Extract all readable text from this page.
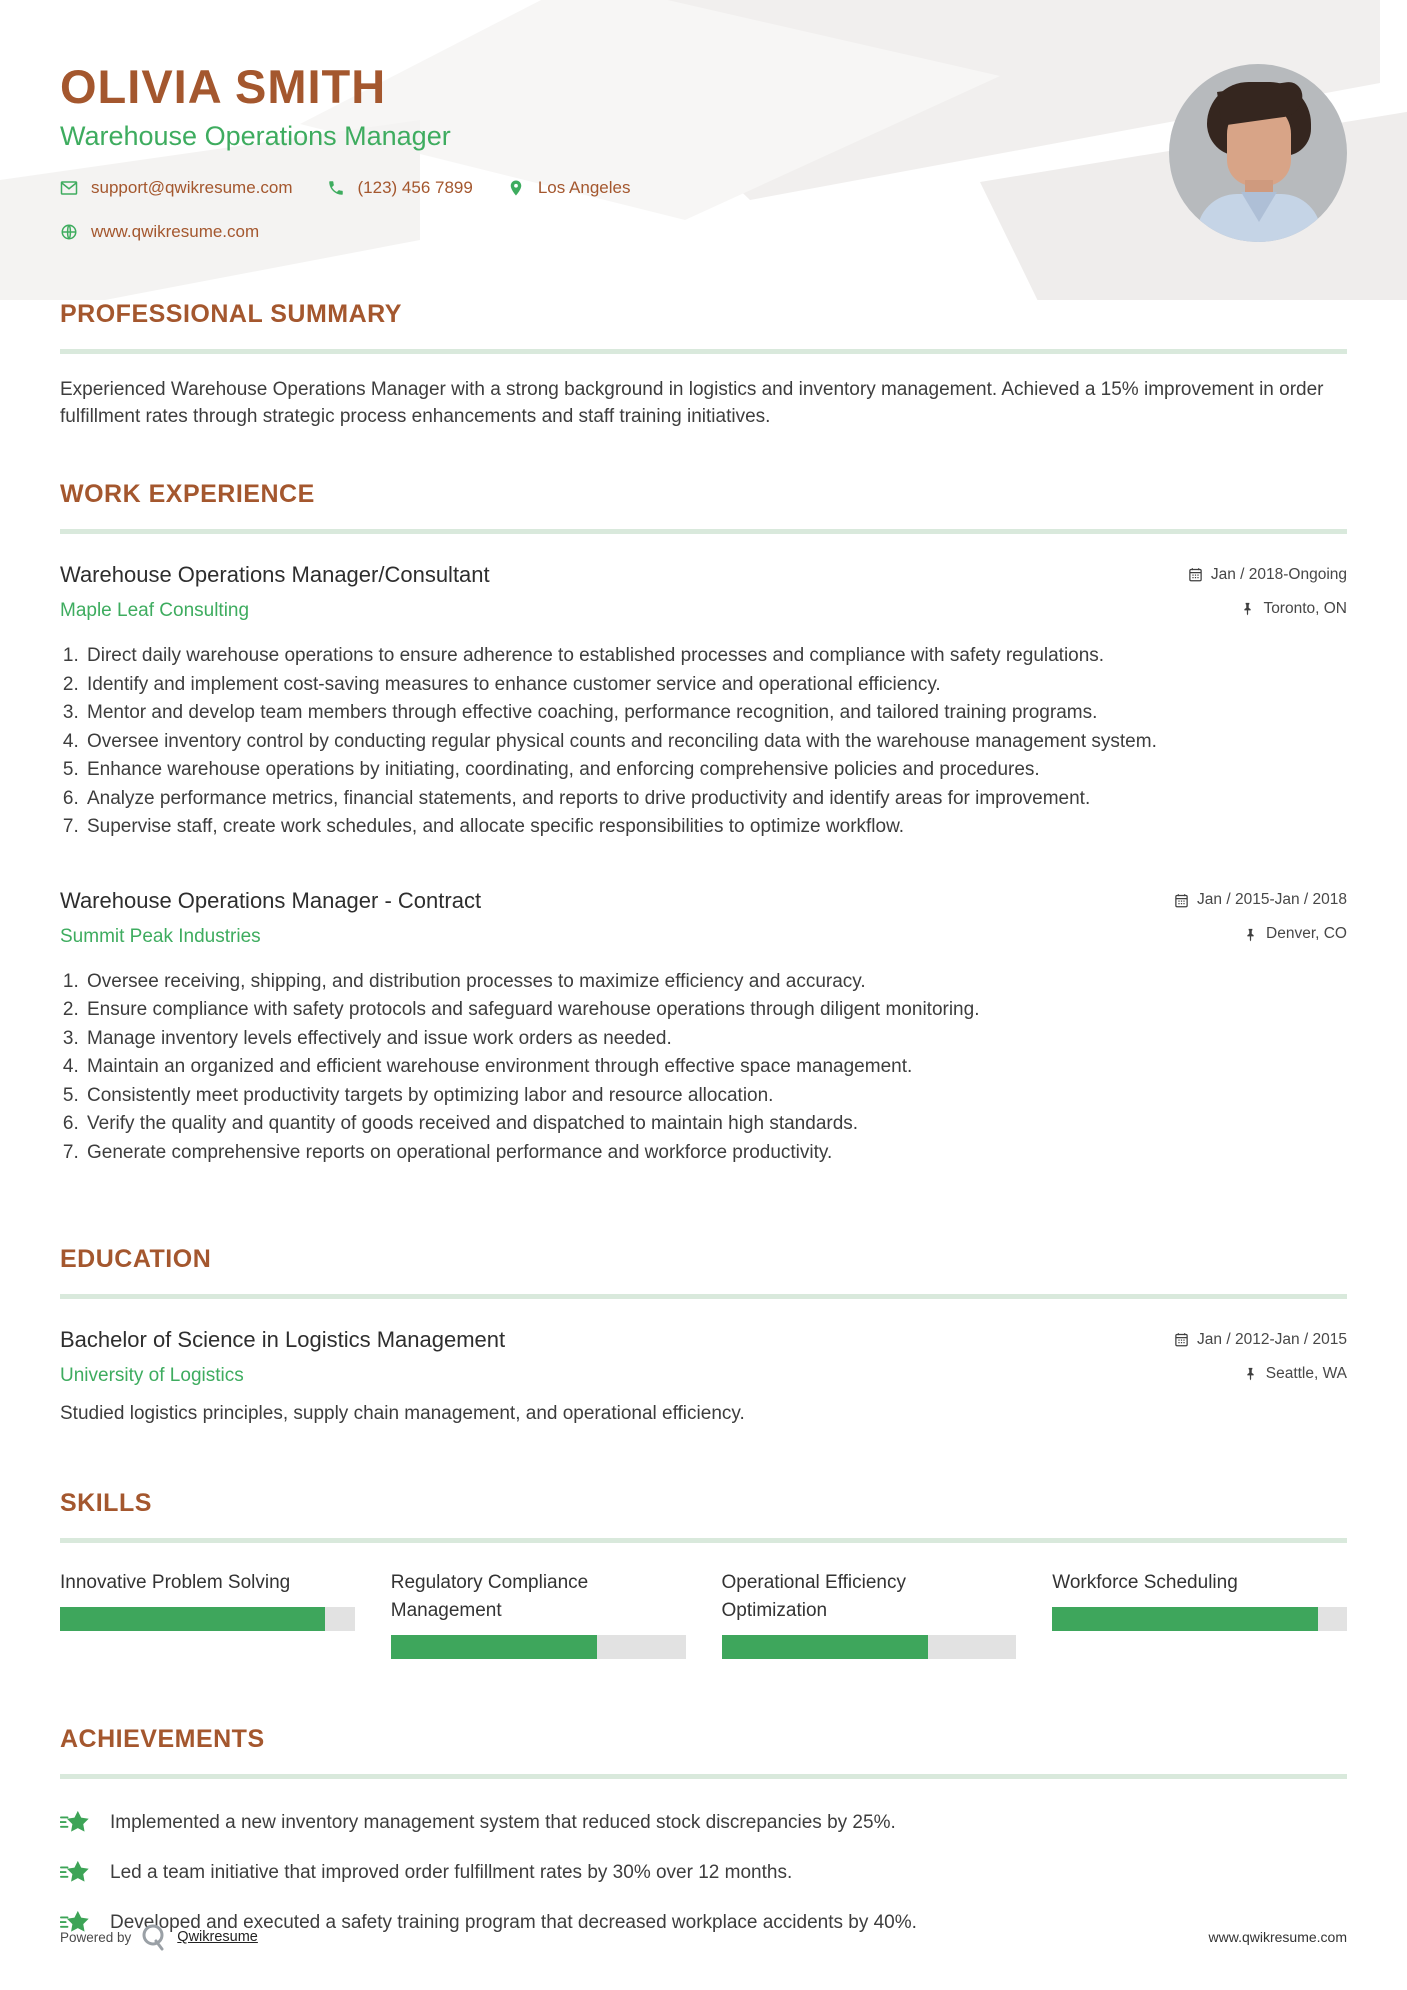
OLIVIA SMITH
Warehouse Operations Manager
support@qwikresume.com	(123) 456 7899	Los Angeles
www.qwikresume.com
PROFESSIONAL SUMMARY

Experienced Warehouse Operations Manager with a strong background in logistics and inventory management. Achieved a 15% improvement in order fulfillment rates through strategic process enhancements and staff training initiatives.

WORK EXPERIENCE
Warehouse Operations Manager/Consultant	Jan / 2018-Ongoing
Maple Leaf Consulting	Toronto, ON
1. Direct daily warehouse operations to ensure adherence to established processes and compliance with safety regulations.
2. Identify and implement cost-saving measures to enhance customer service and operational efficiency.
3. Mentor and develop team members through effective coaching, performance recognition, and tailored training programs.
4. Oversee inventory control by conducting regular physical counts and reconciling data with the warehouse management system.
5. Enhance warehouse operations by initiating, coordinating, and enforcing comprehensive policies and procedures.
6. Analyze performance metrics, financial statements, and reports to drive productivity and identify areas for improvement.
7. Supervise staff, create work schedules, and allocate specific responsibilities to optimize workflow.
Warehouse Operations Manager - Contract	Jan / 2015-Jan / 2018
Summit Peak Industries	Denver, CO
1. Oversee receiving, shipping, and distribution processes to maximize efficiency and accuracy.
2. Ensure compliance with safety protocols and safeguard warehouse operations through diligent monitoring.
3. Manage inventory levels effectively and issue work orders as needed.
4. Maintain an organized and efficient warehouse environment through effective space management.
5. Consistently meet productivity targets by optimizing labor and resource allocation.
6. Verify the quality and quantity of goods received and dispatched to maintain high standards.
7. Generate comprehensive reports on operational performance and workforce productivity.
EDUCATION
Bachelor of Science in Logistics Management	Jan / 2012-Jan / 2015
University of Logistics	Seattle, WA

Studied logistics principles, supply chain management, and operational efficiency.

SKILLS
Innovative Problem Solving	Regulatory Compliance Management
Operational Efficiency Optimization
Workforce Scheduling
ACHIEVEMENTS
Implemented a new inventory management system that reduced stock discrepancies by 25%.
Led a team initiative that improved order fulfillment rates by 30% over 12 months.
Developed and executed a safety training program that decreased workplace accidents by 40%.
Powered by	Qwikresume	www.qwikresume.com
